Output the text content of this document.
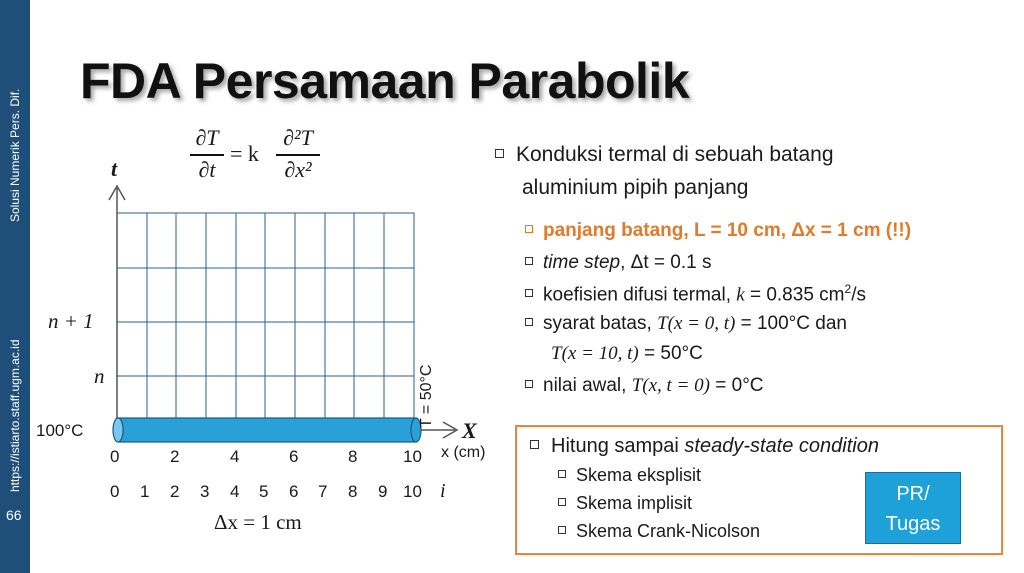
Solusi Numerik Pers. Dif.
https://istiarto.staff.ugm.ac.id
66
FDA Persamaan Parabolik
∂T
∂t
= k
∂²T
∂x²
t
n + 1
n
100°C
T = 50°C
X
x (cm)
0	2	4	6	8	10
0 1 2 3 4 5 6 7 8 9 10 i
Δx = 1 cm
Konduksi termal di sebuah batang
aluminium pipih panjang
panjang batang, L = 10 cm, Δx = 1 cm (!!)
time step, Δt = 0.1 s
koefisien difusi termal, k = 0.835 $cm^2/s$
syarat batas, T(x = 0, t) = 100°C dan
T(x = 10, t) = 50°C
nilai awal, T(x, t = 0) = 0°C
Hitung sampai steady-state condition
Skema eksplisit
Skema implisit
Skema Crank-Nicolson
PR/
Tugas
